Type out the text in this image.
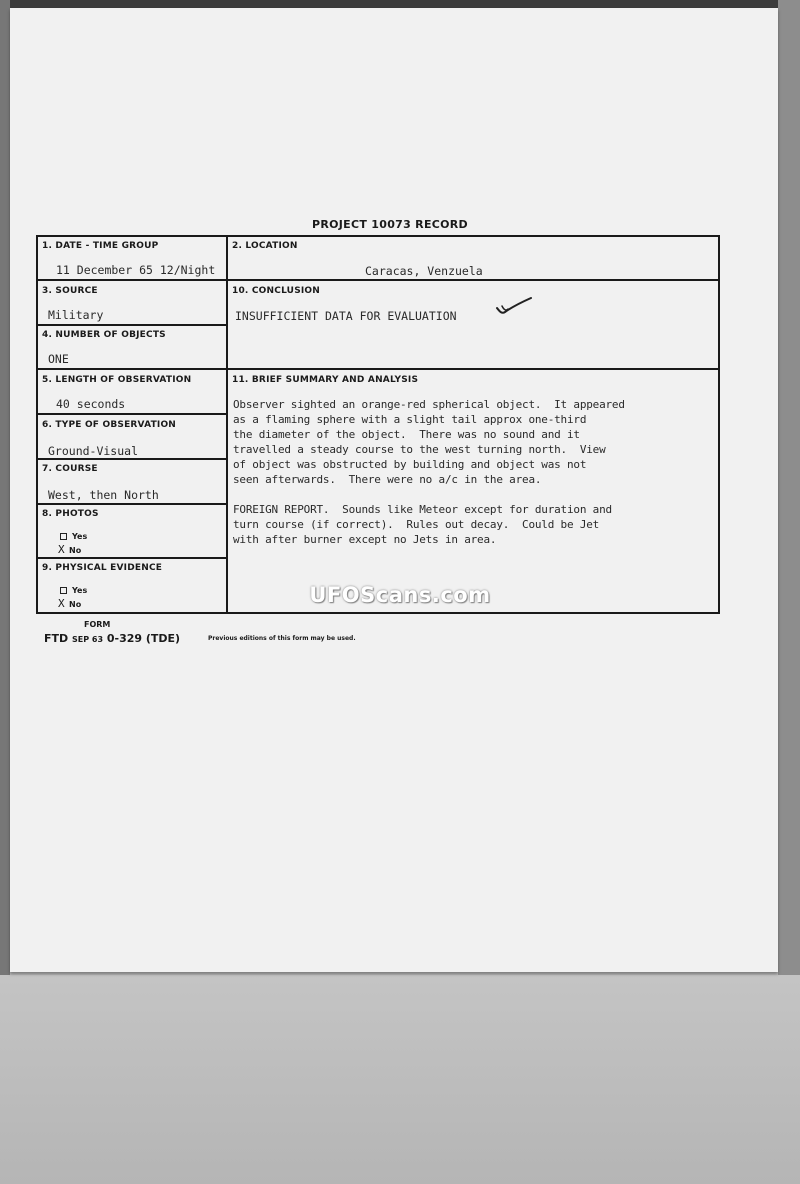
PROJECT 10073 RECORD
1. DATE - TIME GROUP
11 December 65 12/Night
2. LOCATION
Caracas, Venzuela
3. SOURCE
Military
10. CONCLUSION
INSUFFICIENT DATA FOR EVALUATION
4. NUMBER OF OBJECTS
ONE
5. LENGTH OF OBSERVATION
40 seconds
11. BRIEF SUMMARY AND ANALYSIS
Observer sighted an orange-red spherical object.  It appeared
as a flaming sphere with a slight tail approx one-third
the diameter of the object.  There was no sound and it
travelled a steady course to the west turning north.  View
of object was obstructed by building and object was not
seen afterwards.  There were no a/c in the area.
FOREIGN REPORT.  Sounds like Meteor except for duration and
turn course (if correct).  Rules out decay.  Could be Jet
with after burner except no Jets in area.
6. TYPE OF OBSERVATION
Ground-Visual
7. COURSE
West, then North
8. PHOTOS
Yes
X No
9. PHYSICAL EVIDENCE
Yes
X No	UFOScans.com
FORM
FTD SEP 63 0-329 (TDE)	Previous editions of this form may be used.
